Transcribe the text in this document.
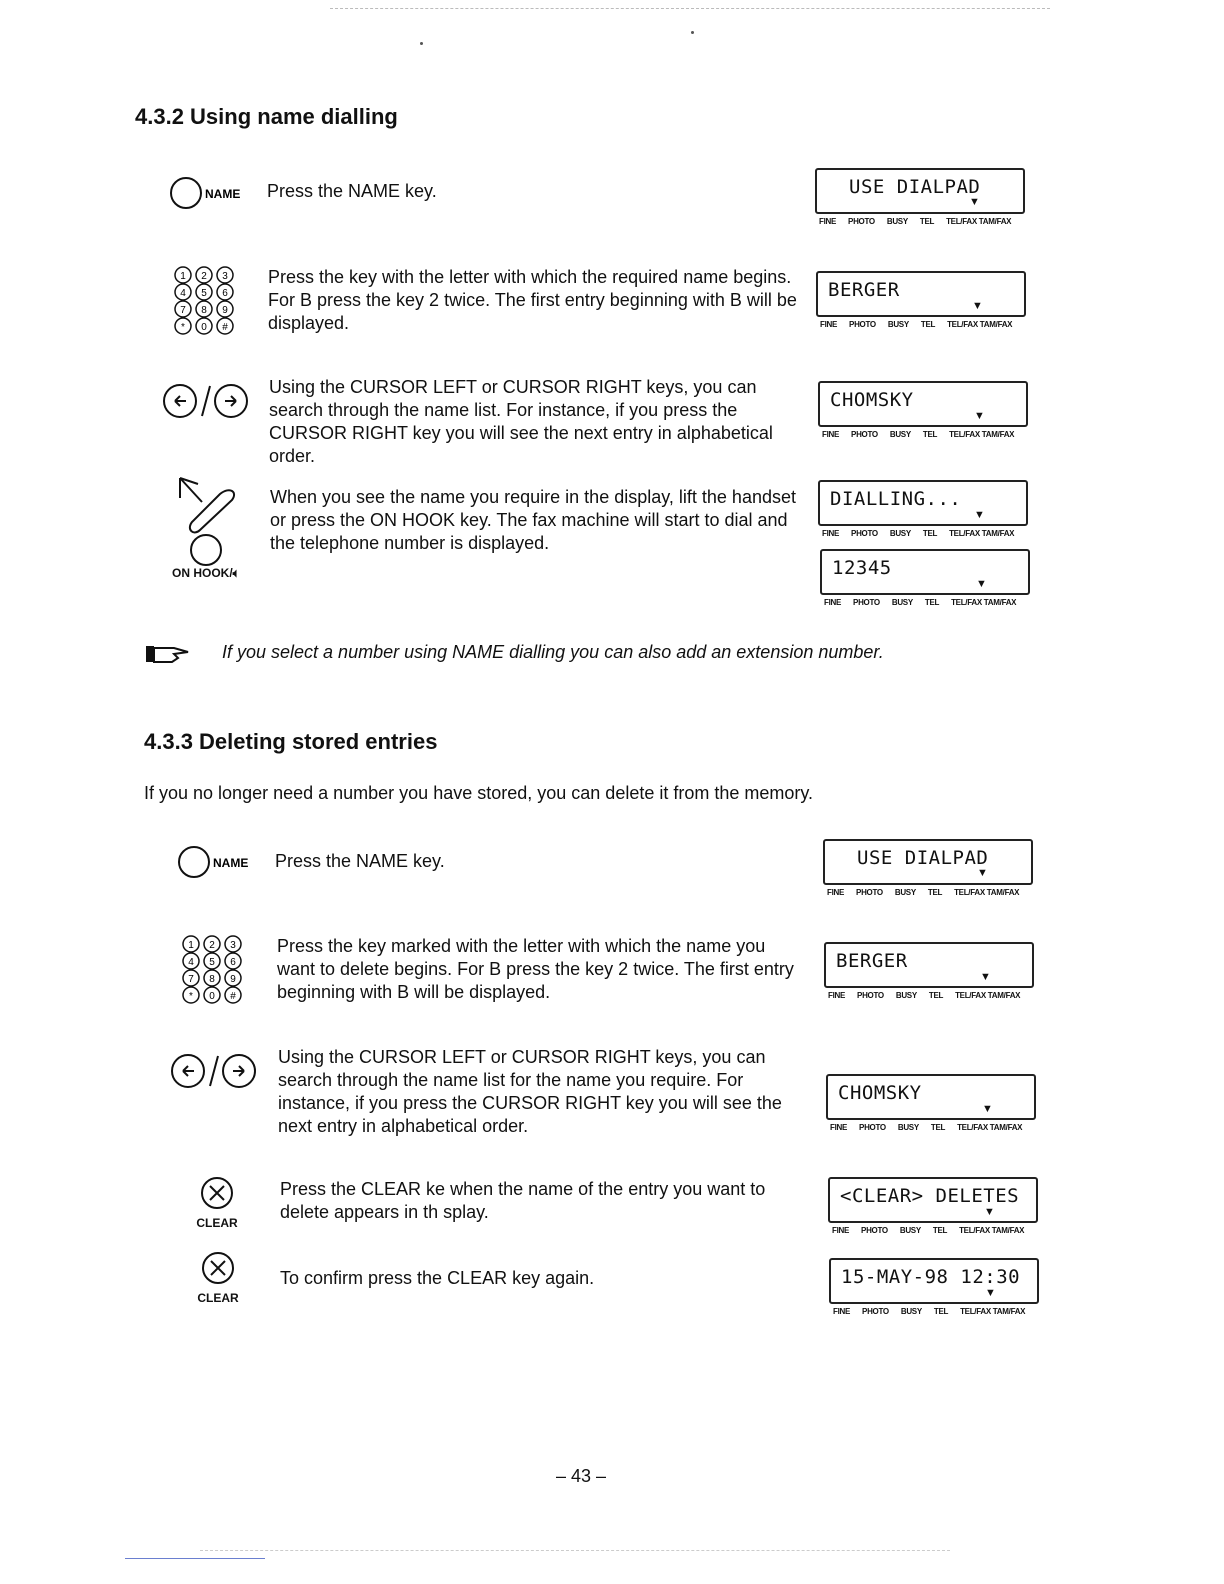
4.3.2 Using name dialling
NAME Press the NAME key.
1 2 3
4 5 6
7 8 9
* 0 #
Press the key with the letter with which the required name begins. For B press the key 2 twice. The first entry beginning with B will be displayed.
Using the CURSOR LEFT or CURSOR RIGHT keys, you can search through the name list. For instance, if you press the CURSOR RIGHT key you will see the next entry in alphabetical order.
ON HOOK/🔈︎
When you see the name you require in the display, lift the handset or press the ON HOOK key. The fax machine will start to dial and the telephone number is displayed.
USE DIALPAD
▼
FINE PHOTO BUSY TEL TEL/FAX TAM/FAX
BERGER
▼
FINE PHOTO BUSY TEL TEL/FAX TAM/FAX
CHOMSKY
▼
FINE PHOTO BUSY TEL TEL/FAX TAM/FAX
DIALLING...
▼
FINE PHOTO BUSY TEL TEL/FAX TAM/FAX
12345
▼
FINE PHOTO BUSY TEL TEL/FAX TAM/FAX
If you select a number using NAME dialling you can also add an extension number.
4.3.3 Deleting stored entries
If you no longer need a number you have stored, you can delete it from the memory.
NAME Press the NAME key.
1 2 3
4 5 6
7 8 9
* 0 #
Press the key marked with the letter with which the name you want to delete begins. For B press the key 2 twice. The first entry beginning with B will be displayed.
Using the CURSOR LEFT or CURSOR RIGHT keys, you can search through the name list for the name you require. For instance, if you press the CURSOR RIGHT key you will see the next entry in alphabetical order.
CLEAR
Press the CLEAR ke when the name of the entry you want to delete appears in th splay.
CLEAR
To confirm press the CLEAR key again.
USE DIALPAD
▼
FINE PHOTO BUSY TEL TEL/FAX TAM/FAX
BERGER
▼
FINE PHOTO BUSY TEL TEL/FAX TAM/FAX
CHOMSKY
▼
FINE PHOTO BUSY TEL TEL/FAX TAM/FAX
<CLEAR> DELETES
▼
FINE PHOTO BUSY TEL TEL/FAX TAM/FAX
15-MAY-98 12:30
▼
FINE PHOTO BUSY TEL TEL/FAX TAM/FAX
– 43 –
